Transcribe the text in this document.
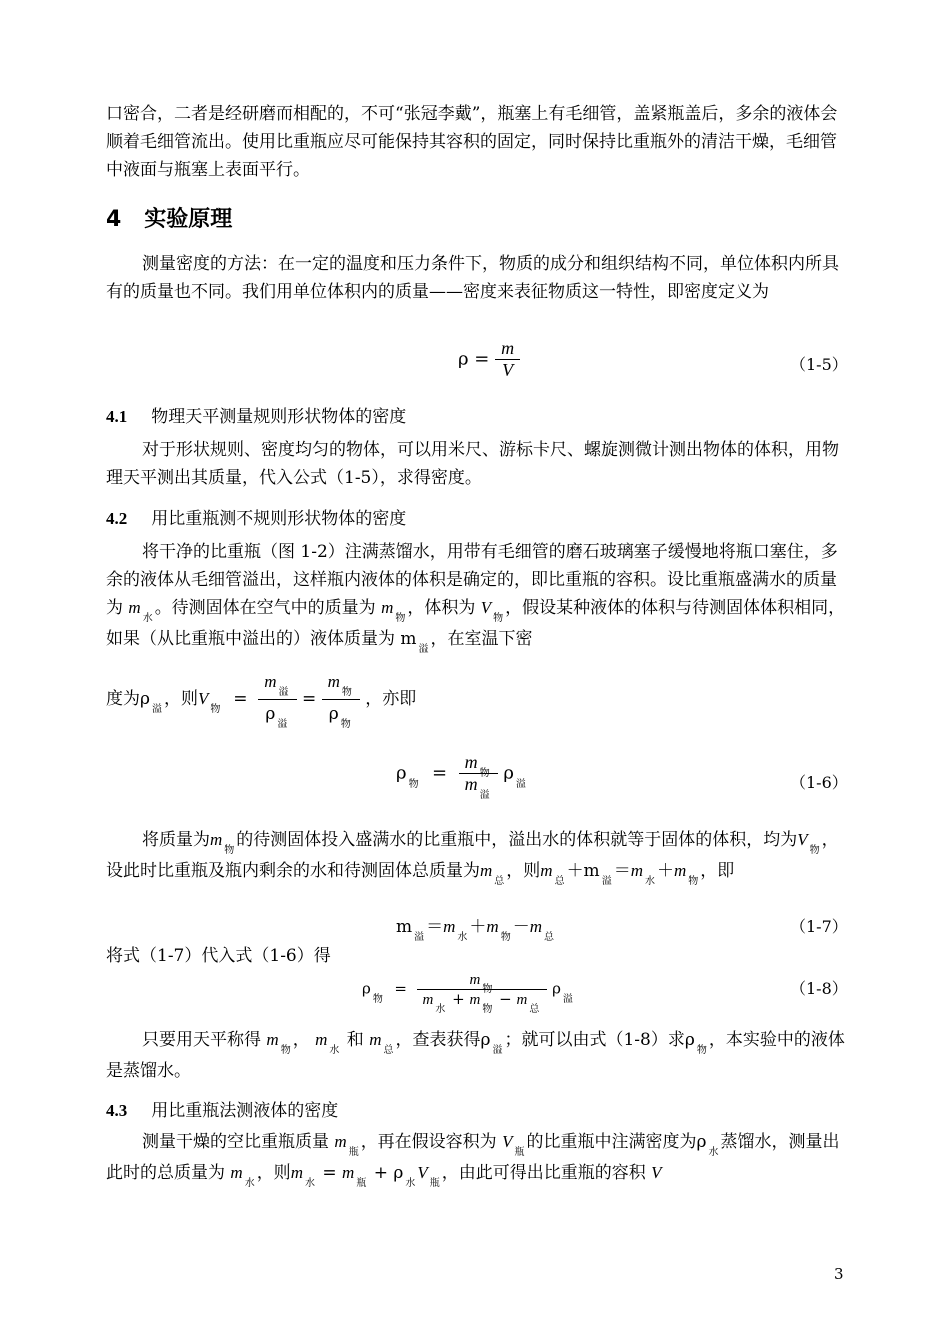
口密合，二者是经研磨而相配的，不可“张冠李戴”，瓶塞上有毛细管，盖紧瓶盖后，多余的液体会顺着毛细管流出。使用比重瓶应尽可能保持其容积的固定，同时保持比重瓶外的清洁干燥，毛细管中液面与瓶塞上表面平行。

4 实验原理

测量密度的方法：在一定的温度和压力条件下，物质的成分和组织结构不同，单位体积内所具有的质量也不同。我们用单位体积内的质量——密度来表征物质这一特性，即密度定义为

$\rho = \frac{m}{V}$	（1-5）
4.1 物理天平测量规则形状物体的密度

对于形状规则、密度均匀的物体，可以用米尺、游标卡尺、螺旋测微计测出物体的体积，用物理天平测出其质量，代入公式（1-5），求得密度。

4.2 用比重瓶测不规则形状物体的密度

将干净的比重瓶（图 1-2）注满蒸馏水，用带有毛细管的磨石玻璃塞子缓慢地将瓶口塞住，多余的液体从毛细管溢出，这样瓶内液体的体积是确定的，即比重瓶的容积。设比重瓶盛满水的质量为 $m_水$。待测固体在空气中的质量为 $m_物$，体积为 $V_物$，假设某种液体的体积与待测固体体积相同，如果（从比重瓶中溢出的）液体质量为 $m_溢$，在室温下密

度为$\rho_溢$，则$V_物 = \frac{m_溢}{\rho_溢} = \frac{m_物}{\rho_物}$ ，亦即
$\rho_物 = \frac{m_物}{m_溢} \rho_溢$	（1-6）

将质量为$m_物$的待测固体投入盛满水的比重瓶中，溢出水的体积就等于固体的体积，均为$V_物$，设此时比重瓶及瓶内剩余的水和待测固体总质量为$m_总$，则$m_总+m_溢=m_水+m_物$，即

$m_溢=m_水+m_物-m_总$
（1-7）

将式（1-7）代入式（1-6）得

$\rho_物 = \frac{m_物}{m_水 + m_物 - m_总} \rho_溢$
（1-8）

只要用天平称得 $m_物$， $m_水$ 和 $m_总$，查表获得$\rho_溢$；就可以由式（1-8）求$\rho_物$，本实验中的液体是蒸馏水。

4.3 用比重瓶法测液体的密度

测量干燥的空比重瓶质量 $m_瓶$，再在假设容积为 $V_瓶$的比重瓶中注满密度为$\rho_水$蒸馏水，测量出此时的总质量为 $m_水$，则$m_水 = m_瓶 + \rho_水V_瓶$，由此可得出比重瓶的容积 V

3
